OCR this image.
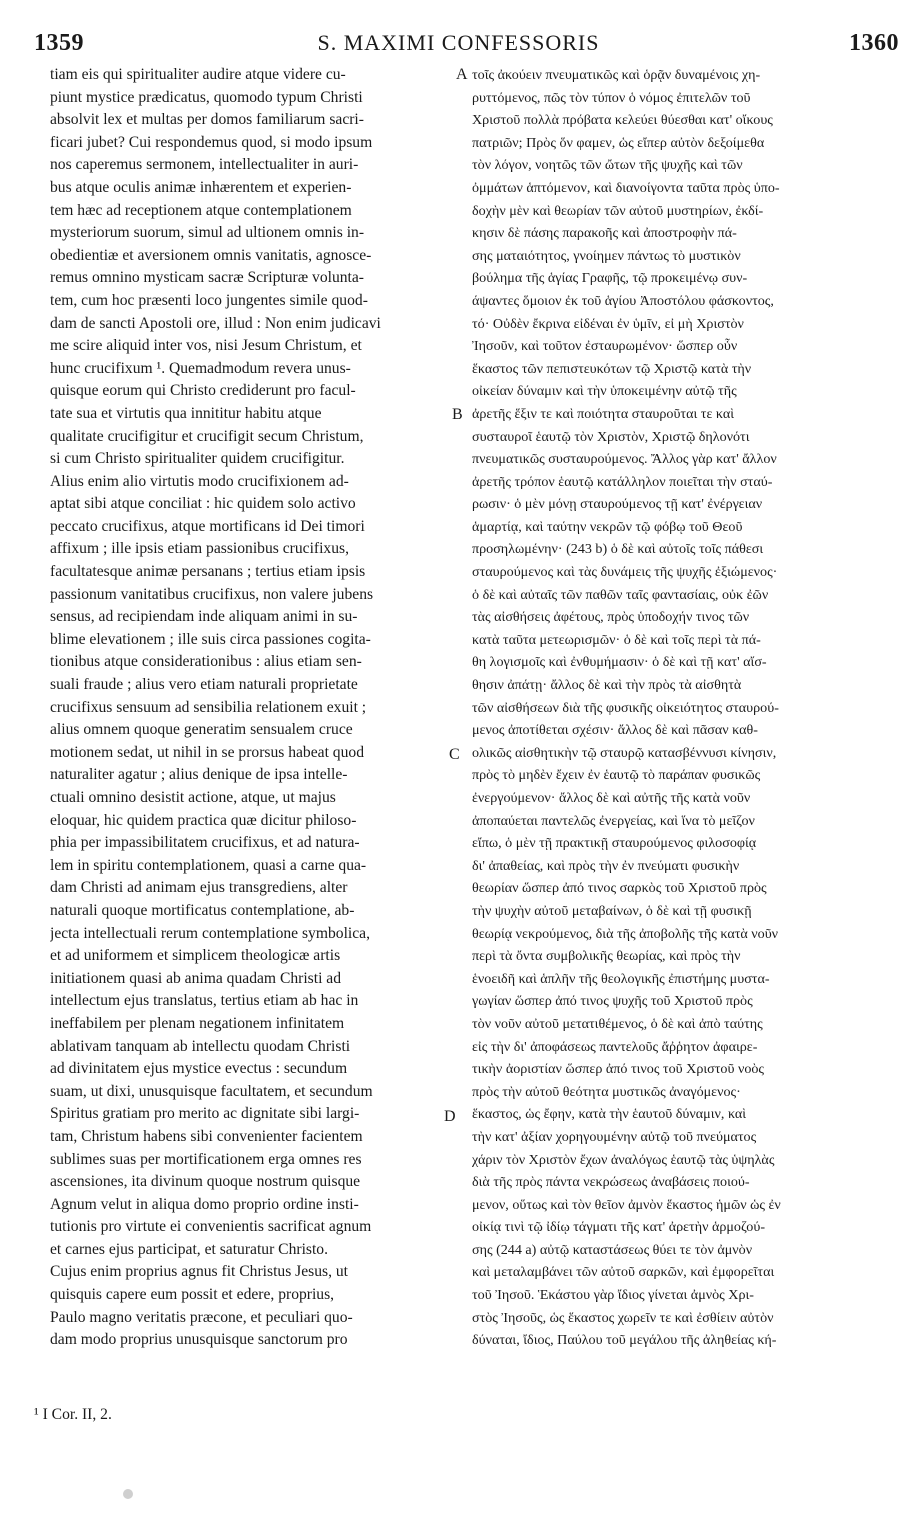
1359	S. MAXIMI CONFESSORIS	1360
tiam eis qui spiritualiter audire atque videre cu-
piunt mystice prædicatus, quomodo typum Christi
absolvit lex et multas per domos familiarum sacri-
ficari jubet? Cui respondemus quod, si modo ipsum
nos caperemus sermonem, intellectualiter in auri-
bus atque oculis animæ inhærentem et experien-
tem hæc ad receptionem atque contemplationem
mysteriorum suorum, simul ad ultionem omnis in-
obedientiæ et aversionem omnis vanitatis, agnosce-
remus omnino mysticam sacræ Scripturæ volunta-
tem, cum hoc præsenti loco jungentes simile quod-
dam de sancti Apostoli ore, illud : Non enim judicavi
me scire aliquid inter vos, nisi Jesum Christum, et
hunc crucifixum ¹. Quemadmodum revera unus-
quisque eorum qui Christo crediderunt pro facul-
tate sua et virtutis qua innititur habitu atque
qualitate crucifigitur et crucifigit secum Christum,
si cum Christo spiritualiter quidem crucifigitur.
Alius enim alio virtutis modo crucifixionem ad-
aptat sibi atque conciliat : hic quidem solo activo
peccato crucifixus, atque mortificans id Dei timori
affixum ; ille ipsis etiam passionibus crucifixus,
facultatesque animæ persanans ; tertius etiam ipsis
passionum vanitatibus crucifixus, non valere jubens
sensus, ad recipiendam inde aliquam animi in su-
blime elevationem ; ille suis circa passiones cogita-
tionibus atque considerationibus : alius etiam sen-
suali fraude ; alius vero etiam naturali proprietate
crucifixus sensuum ad sensibilia relationem exuit ;
alius omnem quoque generatim sensualem cruce
motionem sedat, ut nihil in se prorsus habeat quod
naturaliter agatur ; alius denique de ipsa intelle-
ctuali omnino desistit actione, atque, ut majus
eloquar, hic quidem practica quæ dicitur philoso-
phia per impassibilitatem crucifixus, et ad natura-
lem in spiritu contemplationem, quasi a carne qua-
dam Christi ad animam ejus transgrediens, alter
naturali quoque mortificatus contemplatione, ab-
jecta intellectuali rerum contemplatione symbolica,
et ad uniformem et simplicem theologicæ artis
initiationem quasi ab anima quadam Christi ad
intellectum ejus translatus, tertius etiam ab hac in
ineffabilem per plenam negationem infinitatem
ablativam tanquam ab intellectu quodam Christi
ad divinitatem ejus mystice evectus : secundum
suam, ut dixi, unusquisque facultatem, et secundum
Spiritus gratiam pro merito ac dignitate sibi largi-
tam, Christum habens sibi convenienter facientem
sublimes suas per mortificationem erga omnes res
ascensiones, ita divinum quoque nostrum quisque
Agnum velut in aliqua domo proprio ordine insti-
tutionis pro virtute ei convenientis sacrificat agnum
et carnes ejus participat, et saturatur Christo.
Cujus enim proprius agnus fit Christus Jesus, ut
quisquis capere eum possit et edere, proprius,
Paulo magno veritatis præcone, et peculiari quo-
dam modo proprius unusquisque sanctorum pro
τοῖς ἀκούειν πνευματικῶς καὶ ὁρᾷν δυναμένοις χη-
ρυττόμενος, πῶς τὸν τύπον ὁ νόμος ἐπιτελῶν τοῦ
Χριστοῦ πολλὰ πρόβατα κελεύει θύεσθαι κατ' οἴκους
πατριῶν; Πρὸς ὅν φαμεν, ὡς εἴπερ αὐτὸν δεξοίμεθα
τὸν λόγον, νοητῶς τῶν ὤτων τῆς ψυχῆς καὶ τῶν
ὀμμάτων ἁπτόμενον, καὶ διανοίγοντα ταῦτα πρὸς ὑπο-
δοχὴν μὲν καὶ θεωρίαν τῶν αὐτοῦ μυστηρίων, ἐκδί-
κησιν δὲ πάσης παρακοῆς καὶ ἀποστροφὴν πά-
σης ματαιότητος, γνοίημεν πάντως τὸ μυστικὸν
βούλημα τῆς ἁγίας Γραφῆς, τῷ προκειμένῳ συν-
άψαντες ὅμοιον ἐκ τοῦ ἁγίου Ἀποστόλου φάσκοντος,
τό· Οὐδὲν ἔκρινα εἰδέναι ἐν ὑμῖν, εἰ μὴ Χριστὸν
Ἰησοῦν, καὶ τοῦτον ἐσταυρωμένον· ὥσπερ οὖν
ἕκαστος τῶν πεπιστευκότων τῷ Χριστῷ κατὰ τὴν
οἰκείαν δύναμιν καὶ τὴν ὑποκειμένην αὐτῷ τῆς
ἀρετῆς ἕξιν τε καὶ ποιότητα σταυροῦται τε καὶ
συσταυροῖ ἑαυτῷ τὸν Χριστὸν, Χριστῷ δηλονότι
πνευματικῶς συσταυρούμενος. Ἄλλος γὰρ κατ' ἄλλον
ἀρετῆς τρόπον ἑαυτῷ κατάλληλον ποιεῖται τὴν σταύ-
ρωσιν· ὁ μὲν μόνῃ σταυρούμενος τῇ κατ' ἐνέργειαν
ἁμαρτίᾳ, καὶ ταύτην νεκρῶν τῷ φόβῳ τοῦ Θεοῦ
προσηλωμένην· (243 b) ὁ δὲ καὶ αὐτοῖς τοῖς πάθεσι
σταυρούμενος καὶ τὰς δυνάμεις τῆς ψυχῆς ἐξιώμενος·
ὁ δὲ καὶ αὐταῖς τῶν παθῶν ταῖς φαντασίαις, οὐκ ἐῶν
τὰς αἰσθήσεις ἀφέτους, πρὸς ὑποδοχήν τινος τῶν
κατὰ ταῦτα μετεωρισμῶν· ὁ δὲ καὶ τοῖς περὶ τὰ πά-
θη λογισμοῖς καὶ ἐνθυμήμασιν· ὁ δὲ καὶ τῇ κατ' αἴσ-
θησιν ἀπάτῃ· ἄλλος δὲ καὶ τὴν πρὸς τὰ αἰσθητὰ
τῶν αἰσθήσεων διὰ τῆς φυσικῆς οἰκειότητος σταυρού-
μενος ἀποτίθεται σχέσιν· ἄλλος δὲ καὶ πᾶσαν καθ-
ολικῶς αἰσθητικὴν τῷ σταυρῷ κατασβέννυσι κίνησιν,
πρὸς τὸ μηδὲν ἔχειν ἐν ἑαυτῷ τὸ παράπαν φυσικῶς
ἐνεργούμενον· ἄλλος δὲ καὶ αὐτῆς τῆς κατὰ νοῦν
ἀποπαύεται παντελῶς ἐνεργείας, καὶ ἵνα τὸ μεῖζον
εἴπω, ὁ μὲν τῇ πρακτικῇ σταυρούμενος φιλοσοφίᾳ
δι' ἀπαθείας, καὶ πρὸς τὴν ἐν πνεύματι φυσικὴν
θεωρίαν ὥσπερ ἀπό τινος σαρκὸς τοῦ Χριστοῦ πρὸς
τὴν ψυχὴν αὐτοῦ μεταβαίνων, ὁ δὲ καὶ τῇ φυσικῇ
θεωρίᾳ νεκρούμενος, διὰ τῆς ἀποβολῆς τῆς κατὰ νοῦν
περὶ τὰ ὄντα συμβολικῆς θεωρίας, καὶ πρὸς τὴν
ἑνοειδῆ καὶ ἁπλῆν τῆς θεολογικῆς ἐπιστήμης μυστα-
γωγίαν ὥσπερ ἀπό τινος ψυχῆς τοῦ Χριστοῦ πρὸς
τὸν νοῦν αὐτοῦ μετατιθέμενος, ὁ δὲ καὶ ἀπὸ ταύτης
εἰς τὴν δι' ἀποφάσεως παντελοῦς ἄῤῥητον ἀφαιρε-
τικὴν ἀοριστίαν ὥσπερ ἀπό τινος τοῦ Χριστοῦ νοὸς
πρὸς τὴν αὐτοῦ θεότητα μυστικῶς ἀναγόμενος·
ἕκαστος, ὡς ἔφην, κατὰ τὴν ἑαυτοῦ δύναμιν, καὶ
τὴν κατ' ἀξίαν χορηγουμένην αὐτῷ τοῦ πνεύματος
χάριν τὸν Χριστὸν ἔχων ἀναλόγως ἑαυτῷ τὰς ὑψηλὰς
διὰ τῆς πρὸς πάντα νεκρώσεως ἀναβάσεις ποιού-
μενον, οὕτως καὶ τὸν θεῖον ἀμνὸν ἕκαστος ἡμῶν ὡς ἐν
οἰκίᾳ τινὶ τῷ ἰδίῳ τάγματι τῆς κατ' ἀρετὴν ἁρμοζού-
σης (244 a) αὐτῷ καταστάσεως θύει τε τὸν ἀμνὸν
καὶ μεταλαμβάνει τῶν αὐτοῦ σαρκῶν, καὶ ἐμφορεῖται
τοῦ Ἰησοῦ. Ἑκάστου γὰρ ἴδιος γίνεται ἀμνὸς Χρι-
στὸς Ἰησοῦς, ὡς ἕκαστος χωρεῖν τε καὶ ἐσθίειν αὐτὸν
δύναται, ἴδιος, Παύλου τοῦ μεγάλου τῆς ἀληθείας κή-
A
B
C
D
¹ I Cor. II, 2.
